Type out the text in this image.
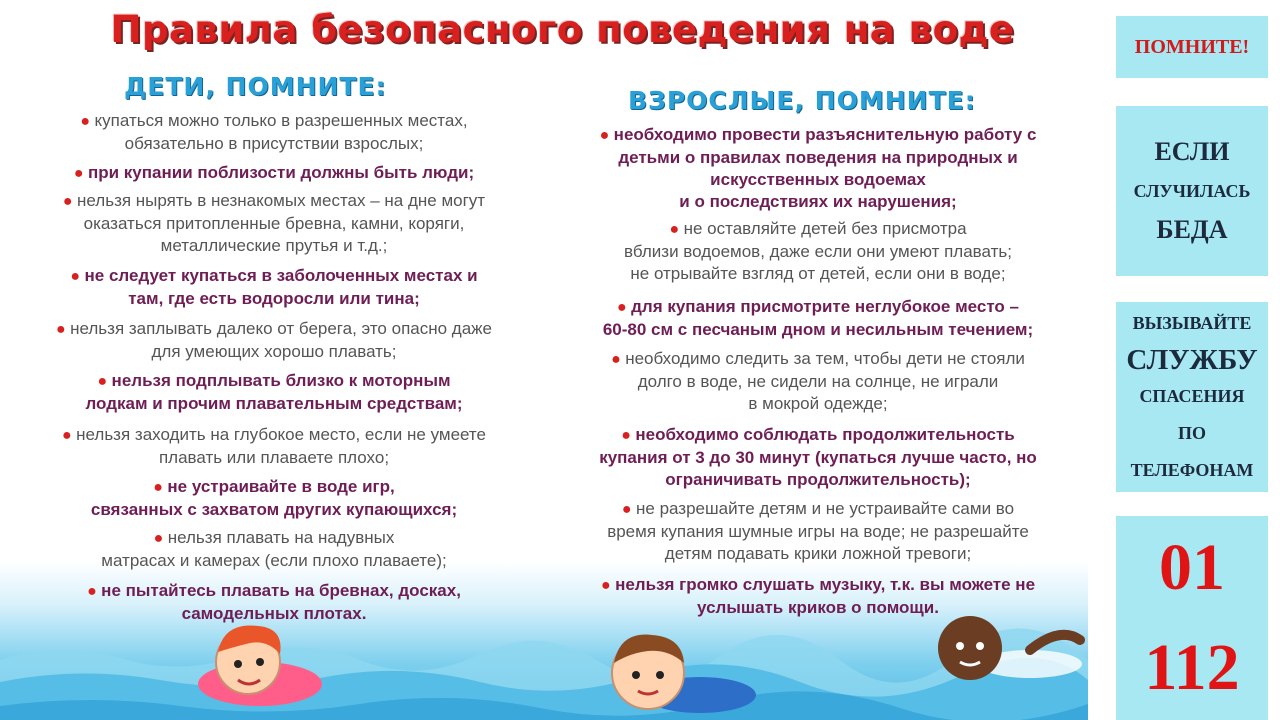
Правила безопасного поведения на воде
ДЕТИ, ПОМНИТЕ:	ВЗРОСЛЫЕ, ПОМНИТЕ:
● купаться можно только в разрешенных местах,
обязательно в присутствии взрослых;
● при купании поблизости должны быть люди;
● нельзя нырять в незнакомых местах – на дне могут
оказаться притопленные бревна, камни, коряги,
металлические прутья и т.д.;
● не следует купаться в заболоченных местах и
там, где есть водоросли или тина;
● нельзя заплывать далеко от берега, это опасно даже
для умеющих хорошо плавать;
● нельзя подплывать близко к моторным
лодкам и прочим плавательным средствам;
● нельзя заходить на глубокое место, если не умеете
плавать или плаваете плохо;
● не устраивайте в воде игр,
связанных с захватом других купающихся;
● нельзя плавать на надувных
матрасах и камерах (если плохо плаваете);
● не пытайтесь плавать на бревнах, досках,
самодельных плотах.
● необходимо провести разъяснительную работу с
детьми о правилах поведения на природных и
искусственных водоемах
и о последствиях их нарушения;
● не оставляйте детей без присмотра
вблизи водоемов, даже если они умеют плавать;
не отрывайте взгляд от детей, если они в воде;
● для купания присмотрите неглубокое место –
60-80 см с песчаным дном и несильным течением;
● необходимо следить за тем, чтобы дети не стояли
долго в воде, не сидели на солнце, не играли
в мокрой одежде;
● необходимо соблюдать продолжительность
купания от 3 до 30 минут (купаться лучше часто, но
ограничивать продолжительность);
● не разрешайте детям и не устраивайте сами во
время купания шумные игры на воде; не разрешайте
детям подавать крики ложной тревоги;
● нельзя громко слушать музыку, т.к. вы можете не
услышать криков о помощи.
ПОМНИТЕ!
ЕСЛИ
СЛУЧИЛАСЬ
БЕДА
ВЫЗЫВАЙТЕ
СЛУЖБУ
СПАСЕНИЯ
ПО
ТЕЛЕФОНАМ
01
112
